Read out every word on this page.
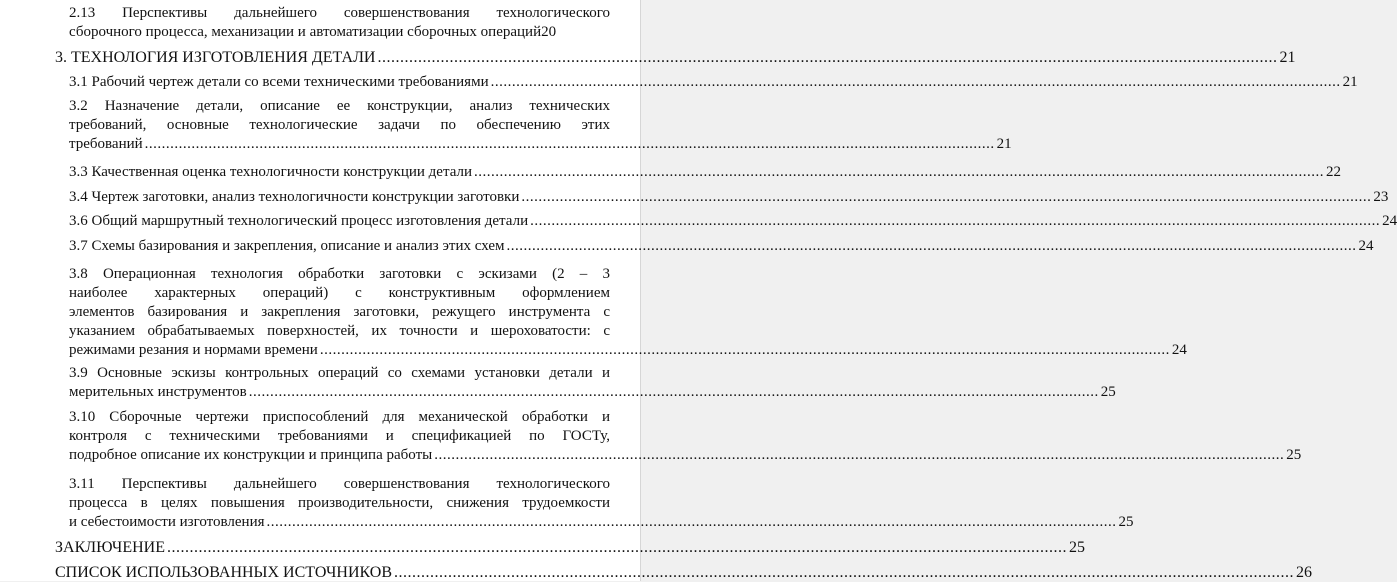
2.13 Перспективы дальнейшего совершенствования технологического
сборочного процесса, механизации и автоматизации сборочных операций 20
3. ТЕХНОЛОГИЯ ИЗГОТОВЛЕНИЯ ДЕТАЛИ ........................................................................................................................................................................................................ 21
3.1 Рабочий чертеж детали со всеми техническими требованиями ........................................................................................................................................................................................................ 21
3.2 Назначение детали, описание ее конструкции, анализ технических
требований, основные технологические задачи по обеспечению этих
требований ........................................................................................................................................................................................................ 21
3.3 Качественная оценка технологичности конструкции детали ........................................................................................................................................................................................................ 22
3.4 Чертеж заготовки, анализ технологичности конструкции заготовки ........................................................................................................................................................................................................ 23
3.6 Общий маршрутный технологический процесс изготовления детали ........................................................................................................................................................................................................ 24
3.7 Схемы базирования и закрепления, описание и анализ этих схем ........................................................................................................................................................................................................ 24
3.8 Операционная технология обработки заготовки с эскизами (2 – 3
наиболее характерных операций) с конструктивным оформлением
элементов базирования и закрепления заготовки, режущего инструмента с
указанием обрабатываемых поверхностей, их точности и шероховатости: с
режимами резания и нормами времени ........................................................................................................................................................................................................ 24
3.9 Основные эскизы контрольных операций со схемами установки детали и
мерительных инструментов ........................................................................................................................................................................................................ 25
3.10 Сборочные чертежи приспособлений для механической обработки и
контроля с техническими требованиями и спецификацией по ГОСТу,
подробное описание их конструкции и принципа работы ........................................................................................................................................................................................................ 25
3.11 Перспективы дальнейшего совершенствования технологического
процесса в целях повышения производительности, снижения трудоемкости
и себестоимости изготовления ........................................................................................................................................................................................................ 25
ЗАКЛЮЧЕНИЕ ........................................................................................................................................................................................................ 25
СПИСОК ИСПОЛЬЗОВАННЫХ ИСТОЧНИКОВ ........................................................................................................................................................................................................ 26
